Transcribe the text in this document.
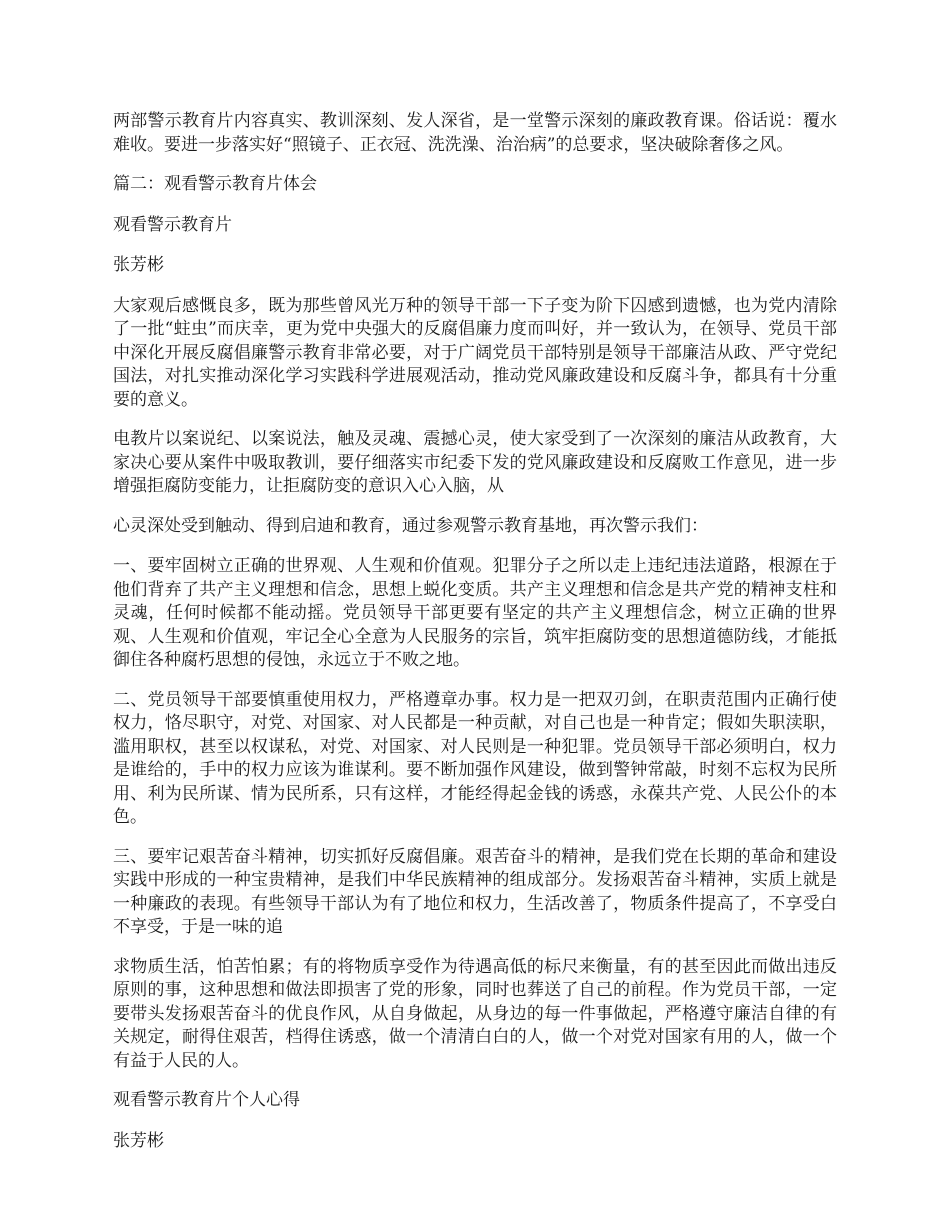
两部警示教育片内容真实、教训深刻、发人深省，是一堂警示深刻的廉政教育课。俗话说：覆水难收。要进一步落实好“照镜子、正衣冠、洗洗澡、治治病”的总要求，坚决破除奢侈之风。

篇二：观看警示教育片体会

观看警示教育片

张芳彬

大家观后感慨良多，既为那些曾风光万种的领导干部一下子变为阶下囚感到遗憾，也为党内清除了一批“蛀虫”而庆幸，更为党中央强大的反腐倡廉力度而叫好，并一致认为，在领导、党员干部中深化开展反腐倡廉警示教育非常必要，对于广阔党员干部特别是领导干部廉洁从政、严守党纪国法，对扎实推动深化学习实践科学进展观活动，推动党风廉政建设和反腐斗争，都具有十分重要的意义。

电教片以案说纪、以案说法，触及灵魂、震撼心灵，使大家受到了一次深刻的廉洁从政教育，大家决心要从案件中吸取教训，要仔细落实市纪委下发的党风廉政建设和反腐败工作意见，进一步增强拒腐防变能力，让拒腐防变的意识入心入脑，从

心灵深处受到触动、得到启迪和教育，通过参观警示教育基地，再次警示我们：

一、要牢固树立正确的世界观、人生观和价值观。犯罪分子之所以走上违纪违法道路，根源在于他们背弃了共产主义理想和信念，思想上蜕化变质。共产主义理想和信念是共产党的精神支柱和灵魂，任何时候都不能动摇。党员领导干部更要有坚定的共产主义理想信念，树立正确的世界观、人生观和价值观，牢记全心全意为人民服务的宗旨，筑牢拒腐防变的思想道德防线，才能抵御住各种腐朽思想的侵蚀，永远立于不败之地。

二、党员领导干部要慎重使用权力，严格遵章办事。权力是一把双刃剑，在职责范围内正确行使权力，恪尽职守，对党、对国家、对人民都是一种贡献，对自己也是一种肯定；假如失职渎职，滥用职权，甚至以权谋私，对党、对国家、对人民则是一种犯罪。党员领导干部必须明白，权力是谁给的，手中的权力应该为谁谋利。要不断加强作风建设，做到警钟常敲，时刻不忘权为民所用、利为民所谋、情为民所系，只有这样，才能经得起金钱的诱惑，永葆共产党、人民公仆的本色。

三、要牢记艰苦奋斗精神，切实抓好反腐倡廉。艰苦奋斗的精神，是我们党在长期的革命和建设实践中形成的一种宝贵精神，是我们中华民族精神的组成部分。发扬艰苦奋斗精神，实质上就是一种廉政的表现。有些领导干部认为有了地位和权力，生活改善了，物质条件提高了，不享受白不享受，于是一味的追

求物质生活，怕苦怕累；有的将物质享受作为待遇高低的标尺来衡量，有的甚至因此而做出违反原则的事，这种思想和做法即损害了党的形象，同时也葬送了自己的前程。作为党员干部，一定要带头发扬艰苦奋斗的优良作风，从自身做起，从身边的每一件事做起，严格遵守廉洁自律的有关规定，耐得住艰苦，档得住诱惑，做一个清清白白的人，做一个对党对国家有用的人，做一个有益于人民的人。

观看警示教育片个人心得

张芳彬
